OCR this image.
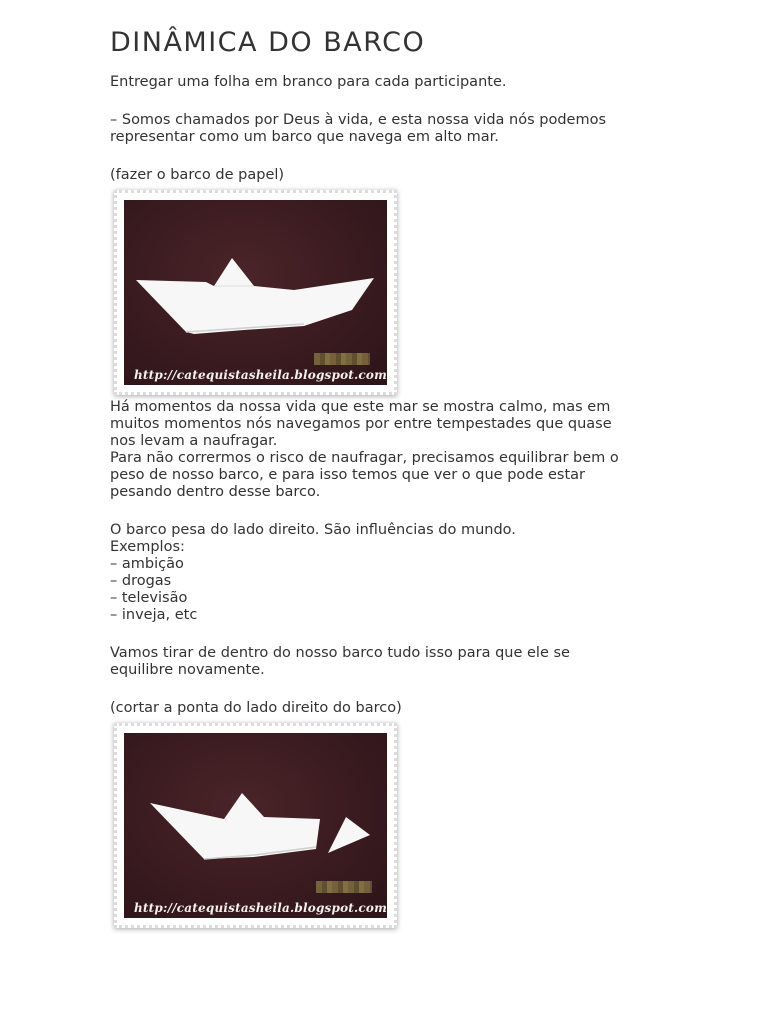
DINÂMICA DO BARCO

Entregar uma folha em branco para cada participante.

– Somos chamados por Deus à vida, e esta nossa vida nós podemos
representar como um barco que navega em alto mar.

(fazer o barco de papel)

http://catequistasheila.blogspot.com

Há momentos da nossa vida que este mar se mostra calmo, mas em
muitos momentos nós navegamos por entre tempestades que quase
nos levam a naufragar.
Para não corrermos o risco de naufragar, precisamos equilibrar bem o
peso de nosso barco, e para isso temos que ver o que pode estar
pesando dentro desse barco.

O barco pesa do lado direito. São influências do mundo.
Exemplos:
– ambição
– drogas
– televisão
– inveja, etc

Vamos tirar de dentro do nosso barco tudo isso para que ele se
equilibre novamente.

(cortar a ponta do lado direito do barco)

http://catequistasheila.blogspot.com
